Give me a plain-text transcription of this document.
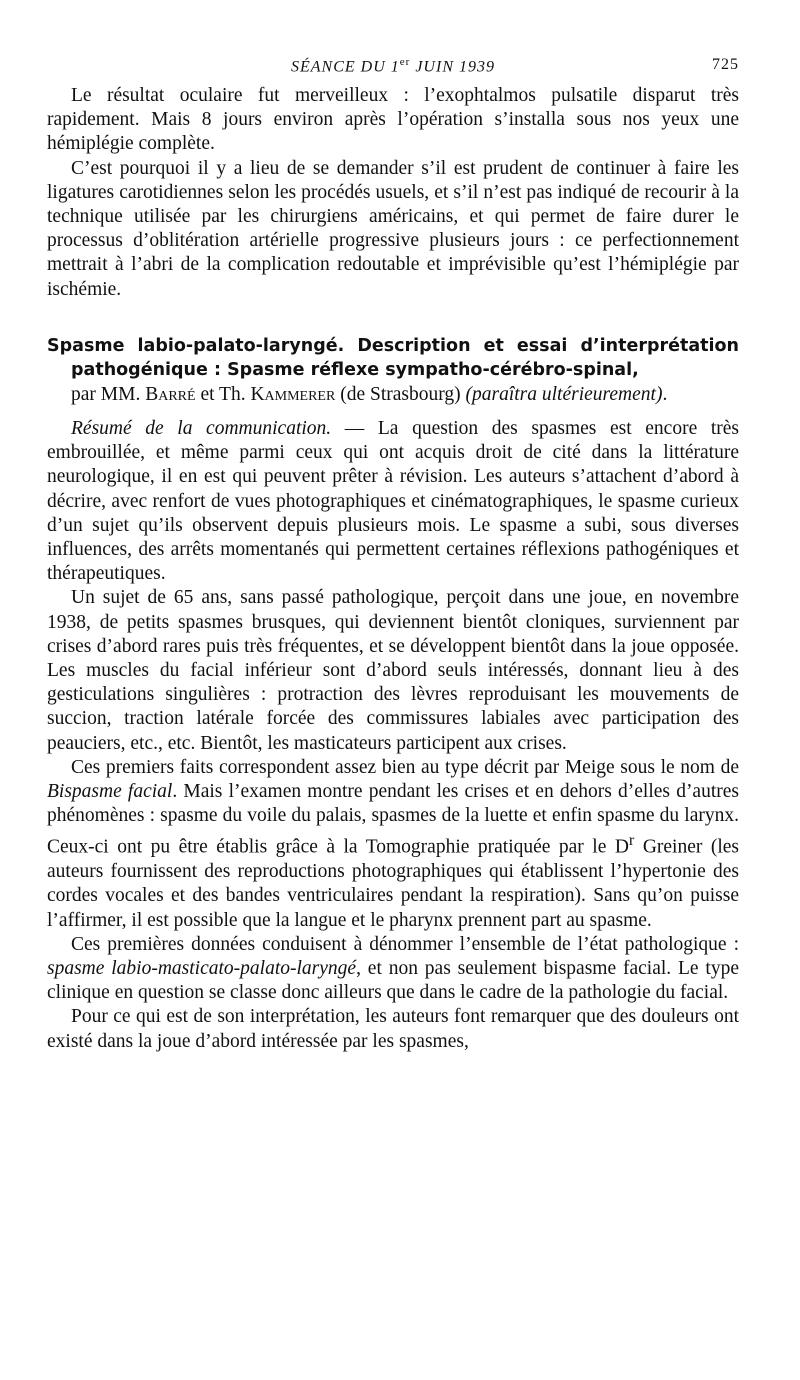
SÉANCE DU 1er JUIN 1939	725

Le résultat oculaire fut merveilleux : l’exophtalmos pulsatile disparut très rapidement. Mais 8 jours environ après l’opération s’installa sous nos yeux une hémiplégie complète.

C’est pourquoi il y a lieu de se demander s’il est prudent de continuer à faire les ligatures carotidiennes selon les procédés usuels, et s’il n’est pas indiqué de recourir à la technique utilisée par les chirurgiens américains, et qui permet de faire durer le processus d’oblitération artérielle progressive plusieurs jours : ce perfectionnement mettrait à l’abri de la complication redoutable et imprévisible qu’est l’hémiplégie par ischémie.

Spasme labio-palato-laryngé. Description et essai d’interprétation pathogénique : Spasme réflexe sympatho-cérébro-spinal,

par MM. Barré et Th. Kammerer (de Strasbourg) (paraîtra ultérieurement).

Résumé de la communication. — La question des spasmes est encore très embrouillée, et même parmi ceux qui ont acquis droit de cité dans la littérature neurologique, il en est qui peuvent prêter à révision. Les auteurs s’attachent d’abord à décrire, avec renfort de vues photographiques et cinématographiques, le spasme curieux d’un sujet qu’ils observent depuis plusieurs mois. Le spasme a subi, sous diverses influences, des arrêts momentanés qui permettent certaines réflexions pathogéniques et thérapeutiques.

Un sujet de 65 ans, sans passé pathologique, perçoit dans une joue, en novembre 1938, de petits spasmes brusques, qui deviennent bientôt cloniques, surviennent par crises d’abord rares puis très fréquentes, et se développent bientôt dans la joue opposée. Les muscles du facial inférieur sont d’abord seuls intéressés, donnant lieu à des gesticulations singulières : protraction des lèvres reproduisant les mouvements de succion, traction latérale forcée des commissures labiales avec participation des peauciers, etc., etc. Bientôt, les masticateurs participent aux crises.

Ces premiers faits correspondent assez bien au type décrit par Meige sous le nom de Bispasme facial. Mais l’examen montre pendant les crises et en dehors d’elles d’autres phénomènes : spasme du voile du palais, spasmes de la luette et enfin spasme du larynx. Ceux-ci ont pu être établis grâce à la Tomographie pratiquée par le $D^r$ Greiner (les auteurs fournissent des reproductions photographiques qui établissent l’hypertonie des cordes vocales et des bandes ventriculaires pendant la respiration). Sans qu’on puisse l’affirmer, il est possible que la langue et le pharynx prennent part au spasme.

Ces premières données conduisent à dénommer l’ensemble de l’état pathologique : spasme labio-masticato-palato-laryngé, et non pas seulement bispasme facial. Le type clinique en question se classe donc ailleurs que dans le cadre de la pathologie du facial.

Pour ce qui est de son interprétation, les auteurs font remarquer que des douleurs ont existé dans la joue d’abord intéressée par les spasmes,
